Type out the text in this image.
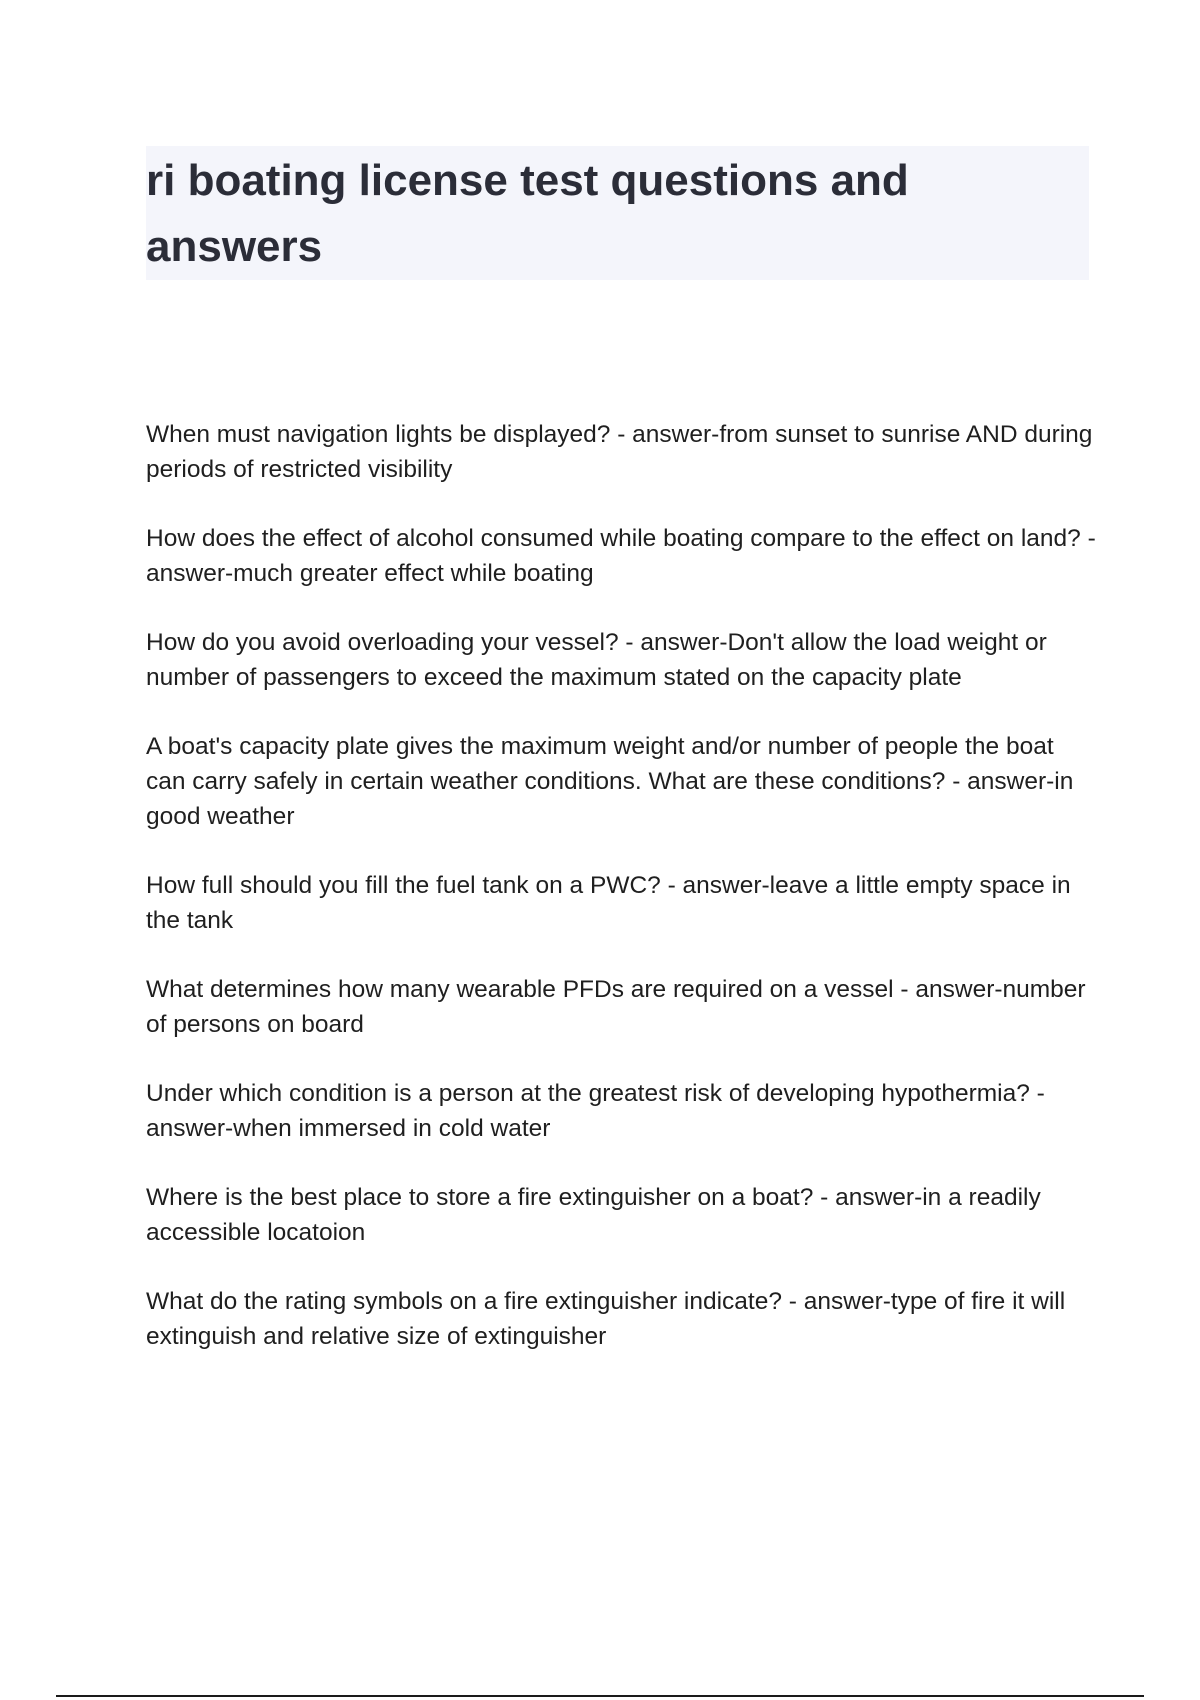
ri boating license test questions and answers
When must navigation lights be displayed? - answer-from sunset to sunrise AND during periods of restricted visibility
How does the effect of alcohol consumed while boating compare to the effect on land? - answer-much greater effect while boating
How do you avoid overloading your vessel? - answer-Don't allow the load weight or number of passengers to exceed the maximum stated on the capacity plate
A boat's capacity plate gives the maximum weight and/or number of people the boat can carry safely in certain weather conditions. What are these conditions? - answer-in good weather
How full should you fill the fuel tank on a PWC? - answer-leave a little empty space in the tank
What determines how many wearable PFDs are required on a vessel - answer-number of persons on board
Under which condition is a person at the greatest risk of developing hypothermia? - answer-when immersed in cold water
Where is the best place to store a fire extinguisher on a boat? - answer-in a readily accessible locatoion
What do the rating symbols on a fire extinguisher indicate? - answer-type of fire it will extinguish and relative size of extinguisher
